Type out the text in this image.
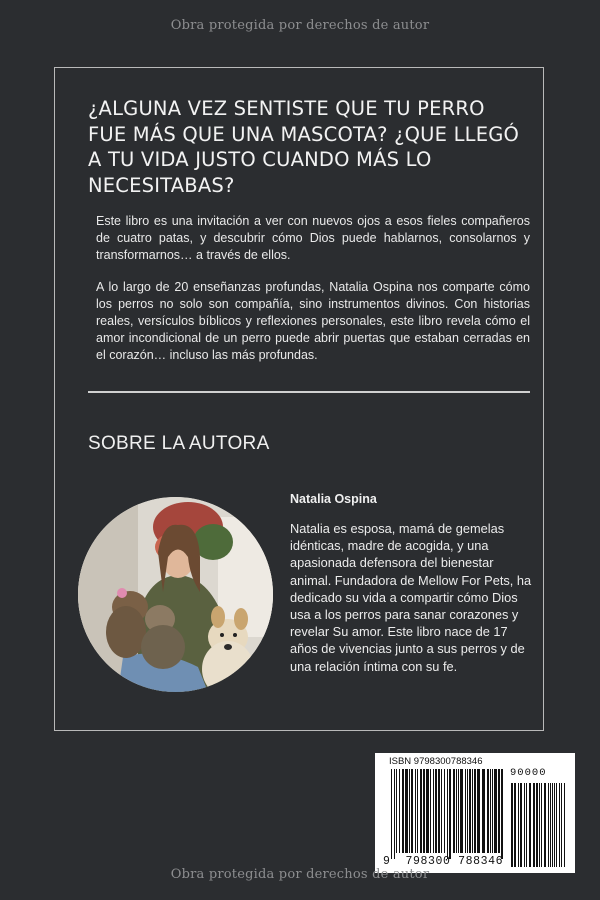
Obra protegida por derechos de autor
¿ALGUNA VEZ SENTISTE QUE TU PERRO FUE MÁS QUE UNA MASCOTA? ¿QUE LLEGÓ A TU VIDA JUSTO CUANDO MÁS LO NECESITABAS?

Este libro es una invitación a ver con nuevos ojos a esos fieles compañeros de cuatro patas, y descubrir cómo Dios puede hablarnos, consolarnos y transformarnos… a través de ellos.

A lo largo de 20 enseñanzas profundas, Natalia Ospina nos comparte cómo los perros no solo son compañía, sino instrumentos divinos. Con historias reales, versículos bíblicos y reflexiones personales, este libro revela cómo el amor incondicional de un perro puede abrir puertas que estaban cerradas en el corazón… incluso las más profundas.

SOBRE LA AUTORA
Natalia Ospina

Natalia es esposa, mamá de gemelas idénticas, madre de acogida, y una apasionada defensora del bienestar animal. Fundadora de Mellow For Pets, ha dedicado su vida a compartir cómo Dios usa a los perros para sanar corazones y revelar Su amor. Este libro nace de 17 años de vivencias junto a sus perros y de una relación íntima con su fe.

ISBN 9798300788346
90000
9 798300 788346
Obra protegida por derechos de autor
